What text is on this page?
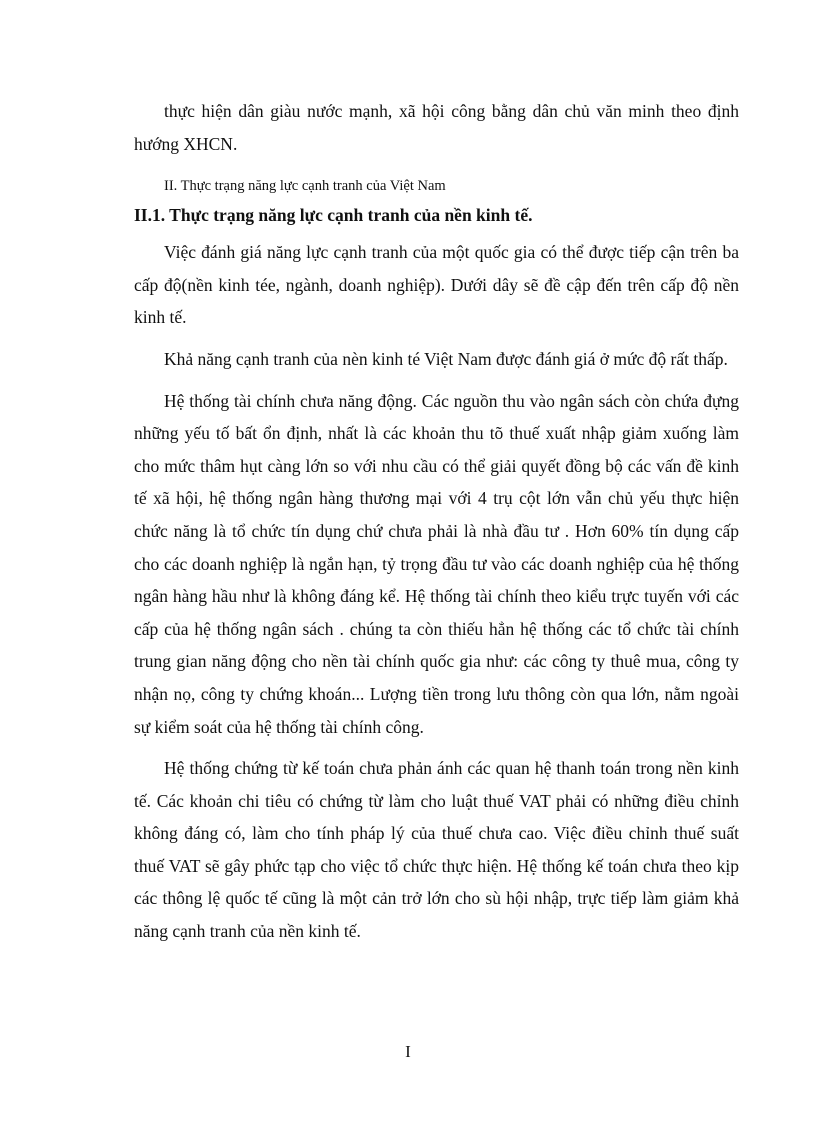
thực hiện dân giàu nước mạnh, xã hội công bằng dân chủ văn minh theo định hướng XHCN.

II. Thực trạng năng lực cạnh tranh của Việt Nam

II.1. Thực trạng năng lực cạnh tranh của nền kinh tế.

Việc đánh giá năng lực cạnh tranh của một quốc gia có thể được tiếp cận trên ba cấp độ(nền kinh tée, ngành, doanh nghiệp). Dưới dây sẽ đề cập đến trên cấp độ nền kinh tế.

Khả năng cạnh tranh của nèn kinh té Việt Nam được đánh giá ở mức độ rất thấp.

Hệ thống tài chính chưa năng động. Các nguồn thu vào ngân sách còn chứa đựng những yếu tố bất ổn định, nhất là các khoản thu tõ thuế xuất nhập giảm xuống làm cho mức thâm hụt càng lớn so với nhu cầu có thể giải quyết đồng bộ các vấn đề kinh tế xã hội, hệ thống ngân hàng thương mại với 4 trụ cột lớn vẫn chủ yếu thực hiện chức năng là tổ chức tín dụng chứ chưa phải là nhà đầu tư . Hơn 60% tín dụng cấp cho các doanh nghiệp là ngắn hạn, tỷ trọng đầu tư vào các doanh nghiệp của hệ thống ngân hàng hầu như là không đáng kể. Hệ thống tài chính theo kiểu trực tuyến với các cấp của hệ thống ngân sách . chúng ta còn thiếu hẳn hệ thống các tổ chức tài chính trung gian năng động cho nền tài chính quốc gia như: các công ty thuê mua, công ty nhận nọ, công ty chứng khoán... Lượng tiền trong lưu thông còn qua lớn, nằm ngoài sự kiểm soát của hệ thống tài chính công.

Hệ thống chứng từ kế toán chưa phản ánh các quan hệ thanh toán trong nền kinh tế. Các khoản chi tiêu có chứng từ làm cho luật thuế VAT phải có những điều chỉnh không đáng có, làm cho tính pháp lý của thuế chưa cao. Việc điều chỉnh thuế suất thuế VAT sẽ gây phức tạp cho việc tổ chức thực hiện. Hệ thống kế toán chưa theo kịp các thông lệ quốc tế cũng là một cản trở lớn cho sù hội nhập, trực tiếp làm giảm khả năng cạnh tranh của nền kinh tế.

I
